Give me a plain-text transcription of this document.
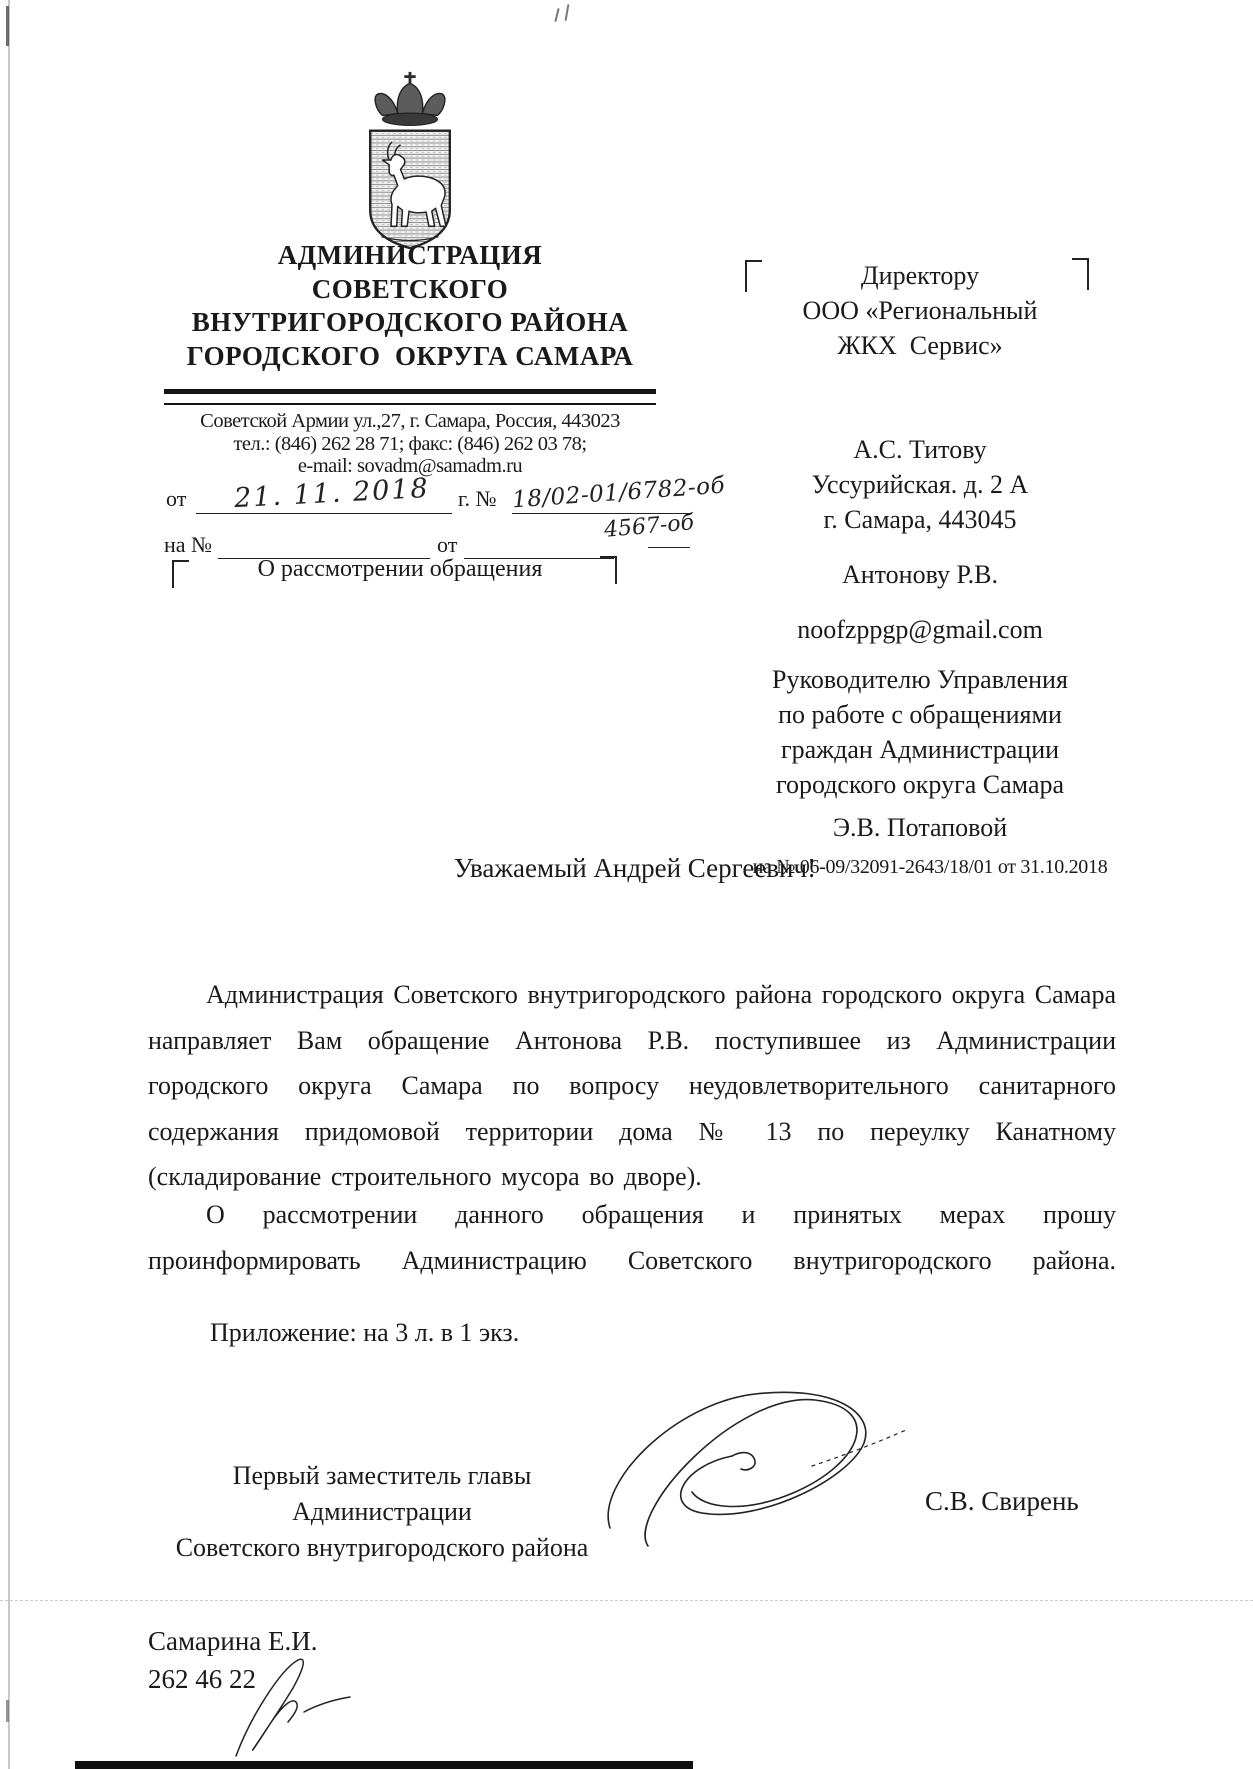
АДМИНИСТРАЦИЯ
СОВЕТСКОГО
ВНУТРИГОРОДСКОГО РАЙОНА
ГОРОДСКОГО  ОКРУГА САМАРА
Советской Армии ул.,27, г. Самара, Россия, 443023
тел.: (846) 262 28 71; факс: (846) 262 03 78;
e-mail: sovadm@samadm.ru
от 21. 11. 2018 г. № 18/02-01/6782-об
4567-об
на №	от
О рассмотрении обращения
Директору
ООО «Региональный
ЖКХ  Сервис»
А.С. Титову
Уссурийская. д. 2 А
г. Самара, 443045
Антонову Р.В.
noofzppgp@gmail.com
Руководителю Управления
по работе с обращениями
граждан Администрации
городского округа Самара
Э.В. Потаповой
на № 06-09/32091-2643/18/01 от 31.10.2018
Уважаемый Андрей Сергеевич!
Администрация Советского внутригородского района городского округа Самара направляет Вам обращение Антонова Р.В. поступившее из Администрации городского округа Самара по вопросу неудовлетворительного санитарного содержания придомовой территории дома № 13 по переулку Канатному (складирование строительного мусора во дворе).
О рассмотрении данного обращения и принятых мерах прошу проинформировать Администрацию Советского внутригородского района.
Приложение: на 3 л. в 1 экз.
Первый заместитель главы Администрации
Советского внутригородского района
С.В. Свирень
Самарина Е.И.
262 46 22
